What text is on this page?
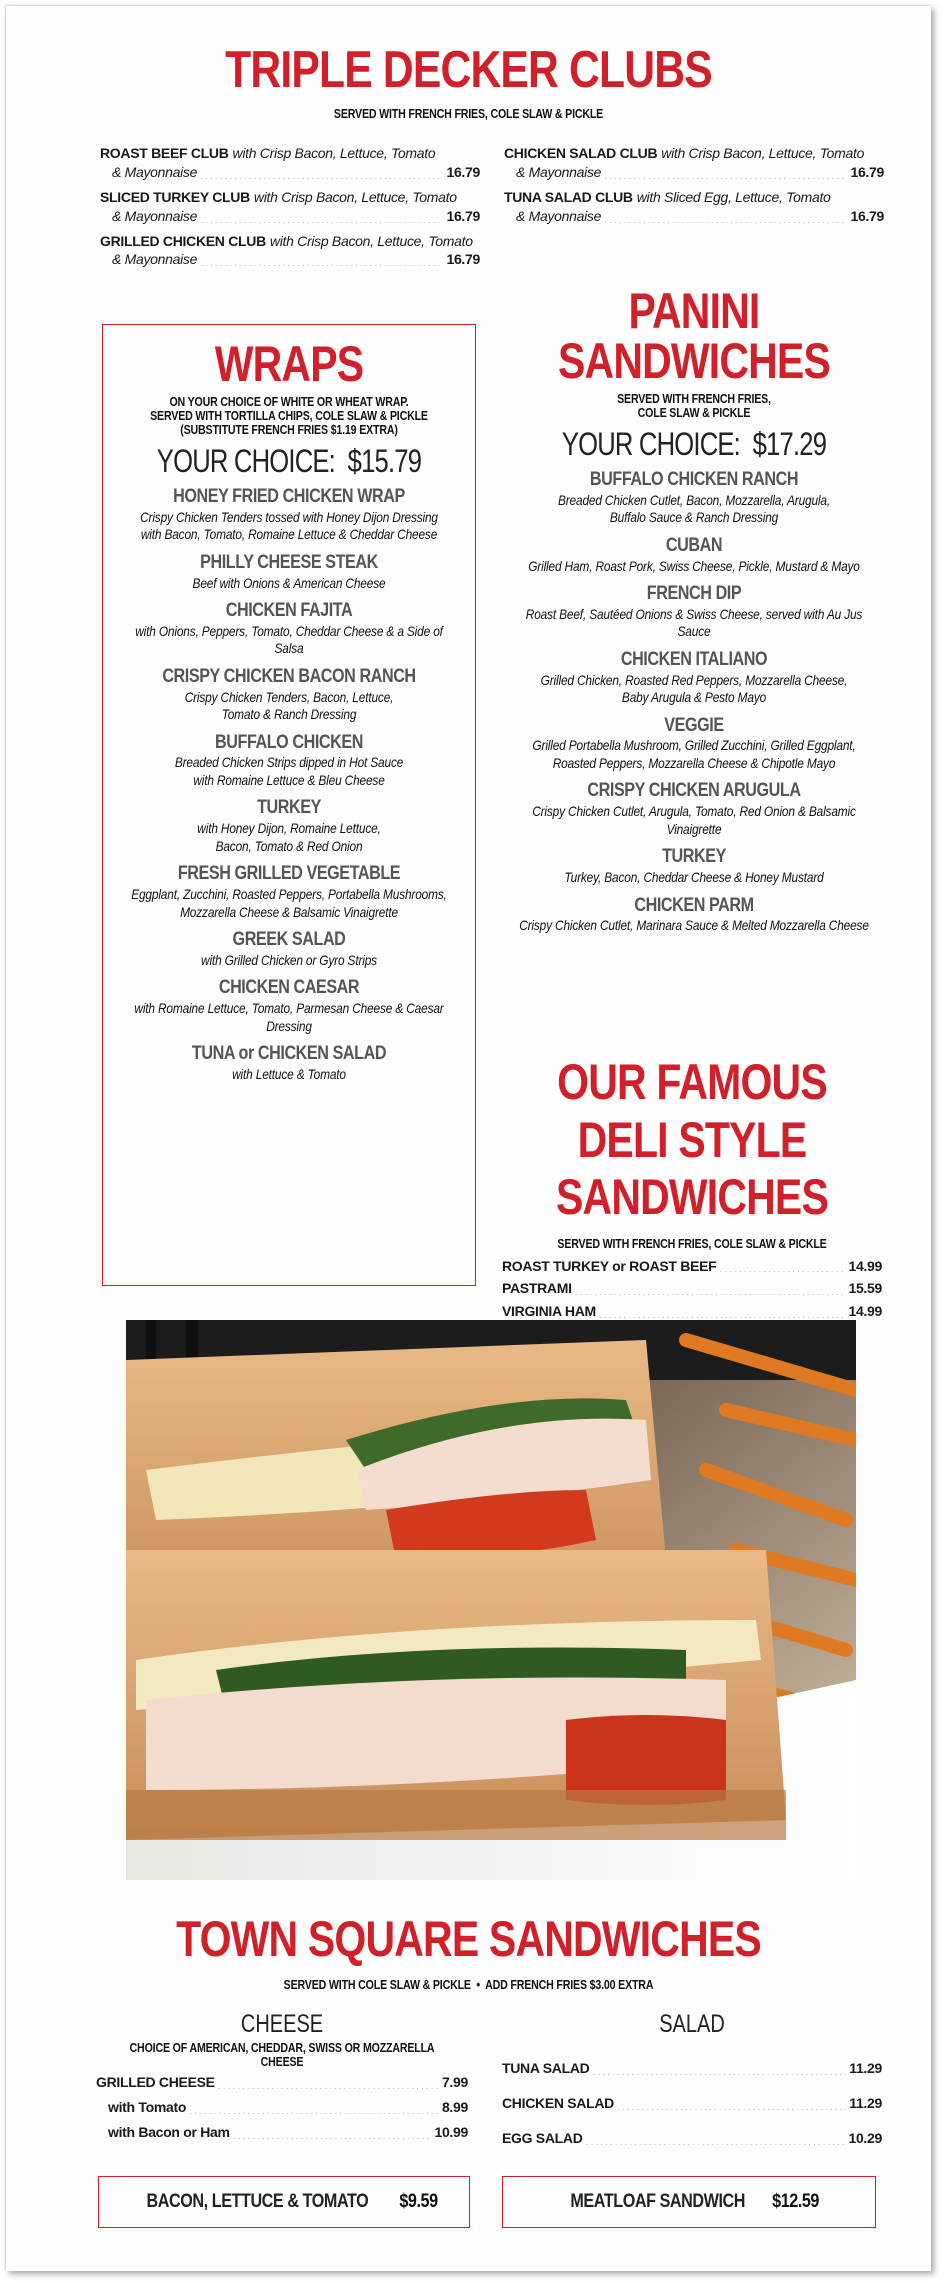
TRIPLE DECKER CLUBS
SERVED WITH FRENCH FRIES, COLE SLAW & PICKLE
ROAST BEEF CLUB with Crisp Bacon, Lettuce, Tomato
& Mayonnaise .....	16.79
SLICED TURKEY CLUB with Crisp Bacon, Lettuce, Tomato
& Mayonnaise .....	16.79
GRILLED CHICKEN CLUB with Crisp Bacon, Lettuce, Tomato
& Mayonnaise .....	16.79
CHICKEN SALAD CLUB with Crisp Bacon, Lettuce, Tomato
& Mayonnaise .....	16.79
TUNA SALAD CLUB with Sliced Egg, Lettuce, Tomato
& Mayonnaise .....	16.79
WRAPS
ON YOUR CHOICE OF WHITE OR WHEAT WRAP.
SERVED WITH TORTILLA CHIPS, COLE SLAW & PICKLE
(SUBSTITUTE FRENCH FRIES $1.19 EXTRA)
YOUR CHOICE: $15.79
HONEY FRIED CHICKEN WRAP
Crispy Chicken Tenders tossed with Honey Dijon Dressing
with Bacon, Tomato, Romaine Lettuce & Cheddar Cheese
PHILLY CHEESE STEAK
Beef with Onions & American Cheese
CHICKEN FAJITA
with Onions, Peppers, Tomato, Cheddar Cheese & a Side of Salsa
CRISPY CHICKEN BACON RANCH
Crispy Chicken Tenders, Bacon, Lettuce,
Tomato & Ranch Dressing
BUFFALO CHICKEN
Breaded Chicken Strips dipped in Hot Sauce
with Romaine Lettuce & Bleu Cheese
TURKEY
with Honey Dijon, Romaine Lettuce,
Bacon, Tomato & Red Onion
FRESH GRILLED VEGETABLE
Eggplant, Zucchini, Roasted Peppers, Portabella Mushrooms,
Mozzarella Cheese & Balsamic Vinaigrette
GREEK SALAD
with Grilled Chicken or Gyro Strips
CHICKEN CAESAR
with Romaine Lettuce, Tomato, Parmesan Cheese & Caesar Dressing
TUNA or CHICKEN SALAD
with Lettuce & Tomato
PANINI SANDWICHES
SERVED WITH FRENCH FRIES,
COLE SLAW & PICKLE
YOUR CHOICE: $17.29
BUFFALO CHICKEN RANCH
Breaded Chicken Cutlet, Bacon, Mozzarella, Arugula,
Buffalo Sauce & Ranch Dressing
CUBAN
Grilled Ham, Roast Pork, Swiss Cheese, Pickle, Mustard & Mayo
FRENCH DIP
Roast Beef, Sautéed Onions & Swiss Cheese, served with Au Jus Sauce
CHICKEN ITALIANO
Grilled Chicken, Roasted Red Peppers, Mozzarella Cheese,
Baby Arugula & Pesto Mayo
VEGGIE
Grilled Portabella Mushroom, Grilled Zucchini, Grilled Eggplant,
Roasted Peppers, Mozzarella Cheese & Chipotle Mayo
CRISPY CHICKEN ARUGULA
Crispy Chicken Cutlet, Arugula, Tomato, Red Onion & Balsamic Vinaigrette
TURKEY
Turkey, Bacon, Cheddar Cheese & Honey Mustard
CHICKEN PARM
Crispy Chicken Cutlet, Marinara Sauce & Melted Mozzarella Cheese
OUR FAMOUS DELI STYLE
SANDWICHES
SERVED WITH FRENCH FRIES, COLE SLAW & PICKLE
ROAST TURKEY or ROAST BEEF .....	14.99
PASTRAMI .....	15.59
VIRGINIA HAM .....	14.99
TOWN SQUARE SANDWICHES
SERVED WITH COLE SLAW & PICKLE  •  ADD FRENCH FRIES $3.00 EXTRA
CHEESE
CHOICE OF AMERICAN, CHEDDAR, SWISS OR MOZZARELLA CHEESE
GRILLED CHEESE .....	7.99
with Tomato .....	8.99
with Bacon or Ham .....	10.99
SALAD
TUNA SALAD .....	11.29
CHICKEN SALAD .....	11.29
EGG SALAD .....	10.29
BACON, LETTUCE & TOMATO $9.59	MEATLOAF SANDWICH $12.59
